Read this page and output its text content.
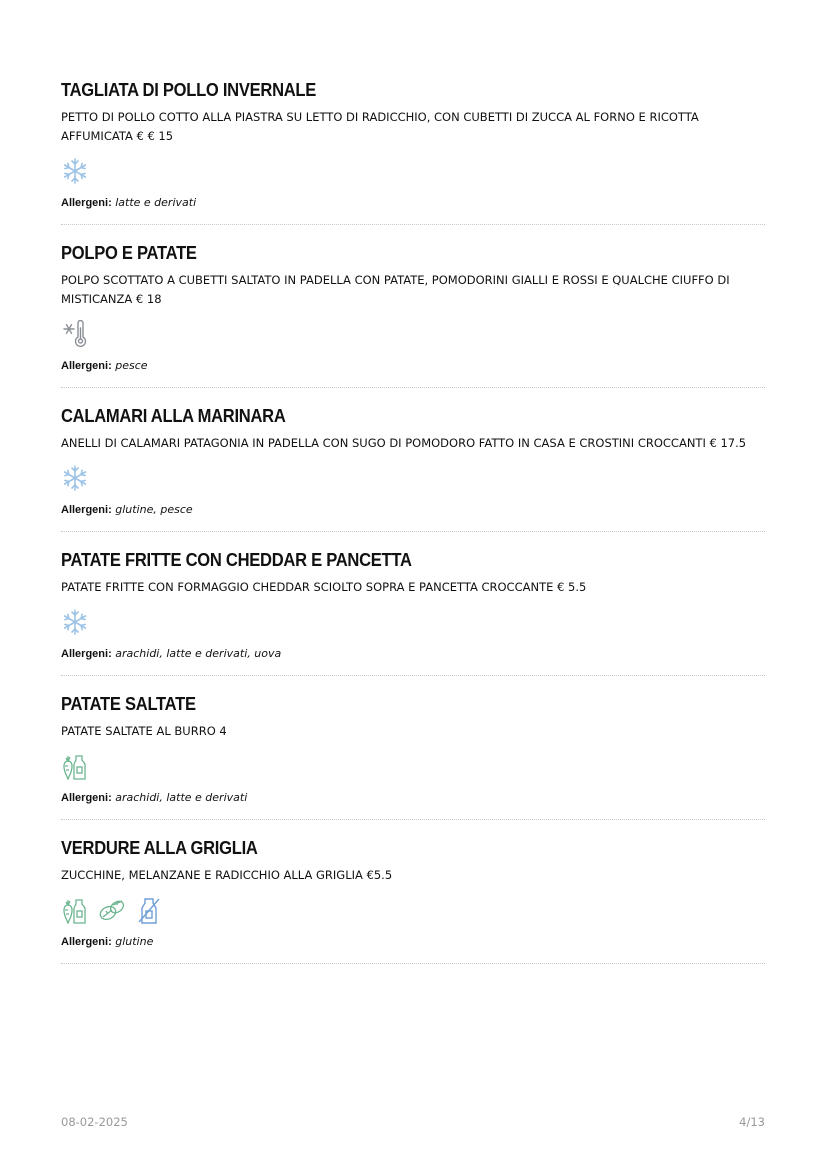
TAGLIATA DI POLLO INVERNALE

PETTO DI POLLO COTTO ALLA PIASTRA SU LETTO DI RADICCHIO, CON CUBETTI DI ZUCCA AL FORNO E RICOTTA AFFUMICATA € € 15

Allergeni: latte e derivati
POLPO E PATATE

POLPO SCOTTATO A CUBETTI SALTATO IN PADELLA CON PATATE, POMODORINI GIALLI E ROSSI E QUALCHE CIUFFO DI MISTICANZA € 18

Allergeni: pesce
CALAMARI ALLA MARINARA

ANELLI DI CALAMARI PATAGONIA IN PADELLA CON SUGO DI POMODORO FATTO IN CASA E CROSTINI CROCCANTI € 17.5

Allergeni: glutine, pesce
PATATE FRITTE CON CHEDDAR E PANCETTA

PATATE FRITTE CON FORMAGGIO CHEDDAR SCIOLTO SOPRA E PANCETTA CROCCANTE € 5.5

Allergeni: arachidi, latte e derivati, uova
PATATE SALTATE

PATATE SALTATE AL BURRO 4

Allergeni: arachidi, latte e derivati
VERDURE ALLA GRIGLIA

ZUCCHINE, MELANZANE E RADICCHIO ALLA GRIGLIA €5.5

Allergeni: glutine
08-02-2025	4/13
